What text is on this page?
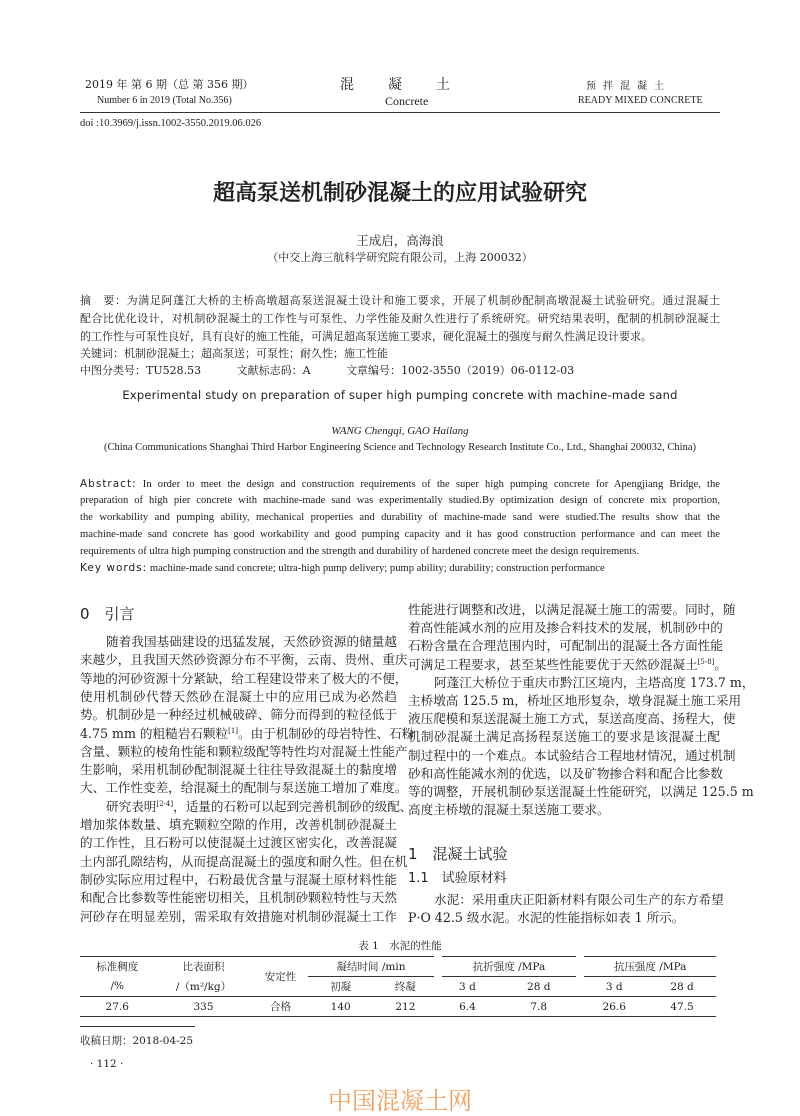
2019 年 第 6 期（总 第 356 期）
Number 6 in 2019 (Total No.356)
混凝土
Concrete
预拌混凝土
READY MIXED CONCRETE
doi :10.3969/j.issn.1002-3550.2019.06.026
超高泵送机制砂混凝土的应用试验研究
王成启，高海浪
（中交上海三航科学研究院有限公司，上海 200032）
摘　要：为满足阿蓬江大桥的主桥高墩超高泵送混凝土设计和施工要求，开展了机制砂配制高墩混凝土试验研究。通过混凝土
配合比优化设计，对机制砂混凝土的工作性与可泵性、力学性能及耐久性进行了系统研究。研究结果表明，配制的机制砂混凝土
的工作性与可泵性良好，具有良好的施工性能，可满足超高泵送施工要求，硬化混凝土的强度与耐久性满足设计要求。
关键词：机制砂混凝土；超高泵送；可泵性；耐久性；施工性能
中图分类号：TU528.53	文献标志码：A	文章编号：1002-3550（2019）06-0112-03
Experimental study on preparation of super high pumping concrete with machine-made sand
WANG Chengqi, GAO Hailang
(China Communications Shanghai Third Harbor Engineering Science and Technology Research Institute Co., Ltd., Shanghai 200032, China)
Abstract: In order to meet the design and construction requirements of the super high pumping concrete for Apengjiang Bridge, the
preparation of high pier concrete with machine-made sand was experimentally studied.By optimization design of concrete mix proportion,
the workability and pumping ability, mechanical properties and durability of machine-made sand were studied.The results show that the
machine-made sand concrete has good workability and good pumping capacity and it has good construction performance and can meet the
requirements of ultra high pumping construction and the strength and durability of hardened concrete meet the design requirements.
Key words: machine-made sand concrete; ultra-high pump delivery; pump ability; durability; construction performance
0　引言
1　混凝土试验
1.1　试验原材料
水泥：采用重庆正阳新材料有限公司生产的东方希望
P·O 42.5 级水泥。水泥的性能指标如表 1 所示。
表 1　水泥的性能
标准稠度	比表面积	安定性	凝结时间 /min		抗折强度 /MPa		抗压强度 /MPa	
/%	/（m²/kg）		初凝	终凝	3 d	28 d	3 d	28 d
27.6	335	合格	140	212	6.4	7.8	26.6	47.5
收稿日期：2018-04-25
· 112 ·
中国混凝土网
随着我国基础建设的迅猛发展，天然砂资源的储量越
来越少，且我国天然砂资源分布不平衡，云南、贵州、重庆
等地的河砂资源十分紧缺，给工程建设带来了极大的不便，
使用机制砂代替天然砂在混凝土中的应用已成为必然趋
势。机制砂是一种经过机械破碎、筛分而得到的粒径低于
4.75 mm 的粗糙岩石颗粒[1]。由于机制砂的母岩特性、石粉
含量、颗粒的棱角性能和颗粒级配等特性均对混凝土性能产
生影响，采用机制砂配制混凝土往往导致混凝土的黏度增
大、工作性变差，给混凝土的配制与泵送施工增加了难度。
研究表明[2-4]，适量的石粉可以起到完善机制砂的级配、
增加浆体数量、填充颗粒空隙的作用，改善机制砂混凝土
的工作性，且石粉可以使混凝土过渡区密实化，改善混凝
土内部孔隙结构，从而提高混凝土的强度和耐久性。但在机
制砂实际应用过程中，石粉最优含量与混凝土原材料性能
和配合比参数等性能密切相关，且机制砂颗粒特性与天然
河砂存在明显差别，需采取有效措施对机制砂混凝土工作
性能进行调整和改进，以满足混凝土施工的需要。同时，随
着高性能减水剂的应用及掺合料技术的发展，机制砂中的
石粉含量在合理范围内时，可配制出的混凝土各方面性能
可满足工程要求，甚至某些性能要优于天然砂混凝土[5-8]。
阿蓬江大桥位于重庆市黔江区境内，主塔高度 173.7 m，
主桥墩高 125.5 m，桥址区地形复杂，墩身混凝土施工采用
液压爬模和泵送混凝土施工方式，泵送高度高、扬程大，使
机制砂混凝土满足高扬程泵送施工的要求是该混凝土配
制过程中的一个难点。本试验结合工程地材情况，通过机制
砂和高性能减水剂的优选，以及矿物掺合料和配合比参数
等的调整，开展机制砂泵送混凝土性能研究，以满足 125.5 m
高度主桥墩的混凝土泵送施工要求。
